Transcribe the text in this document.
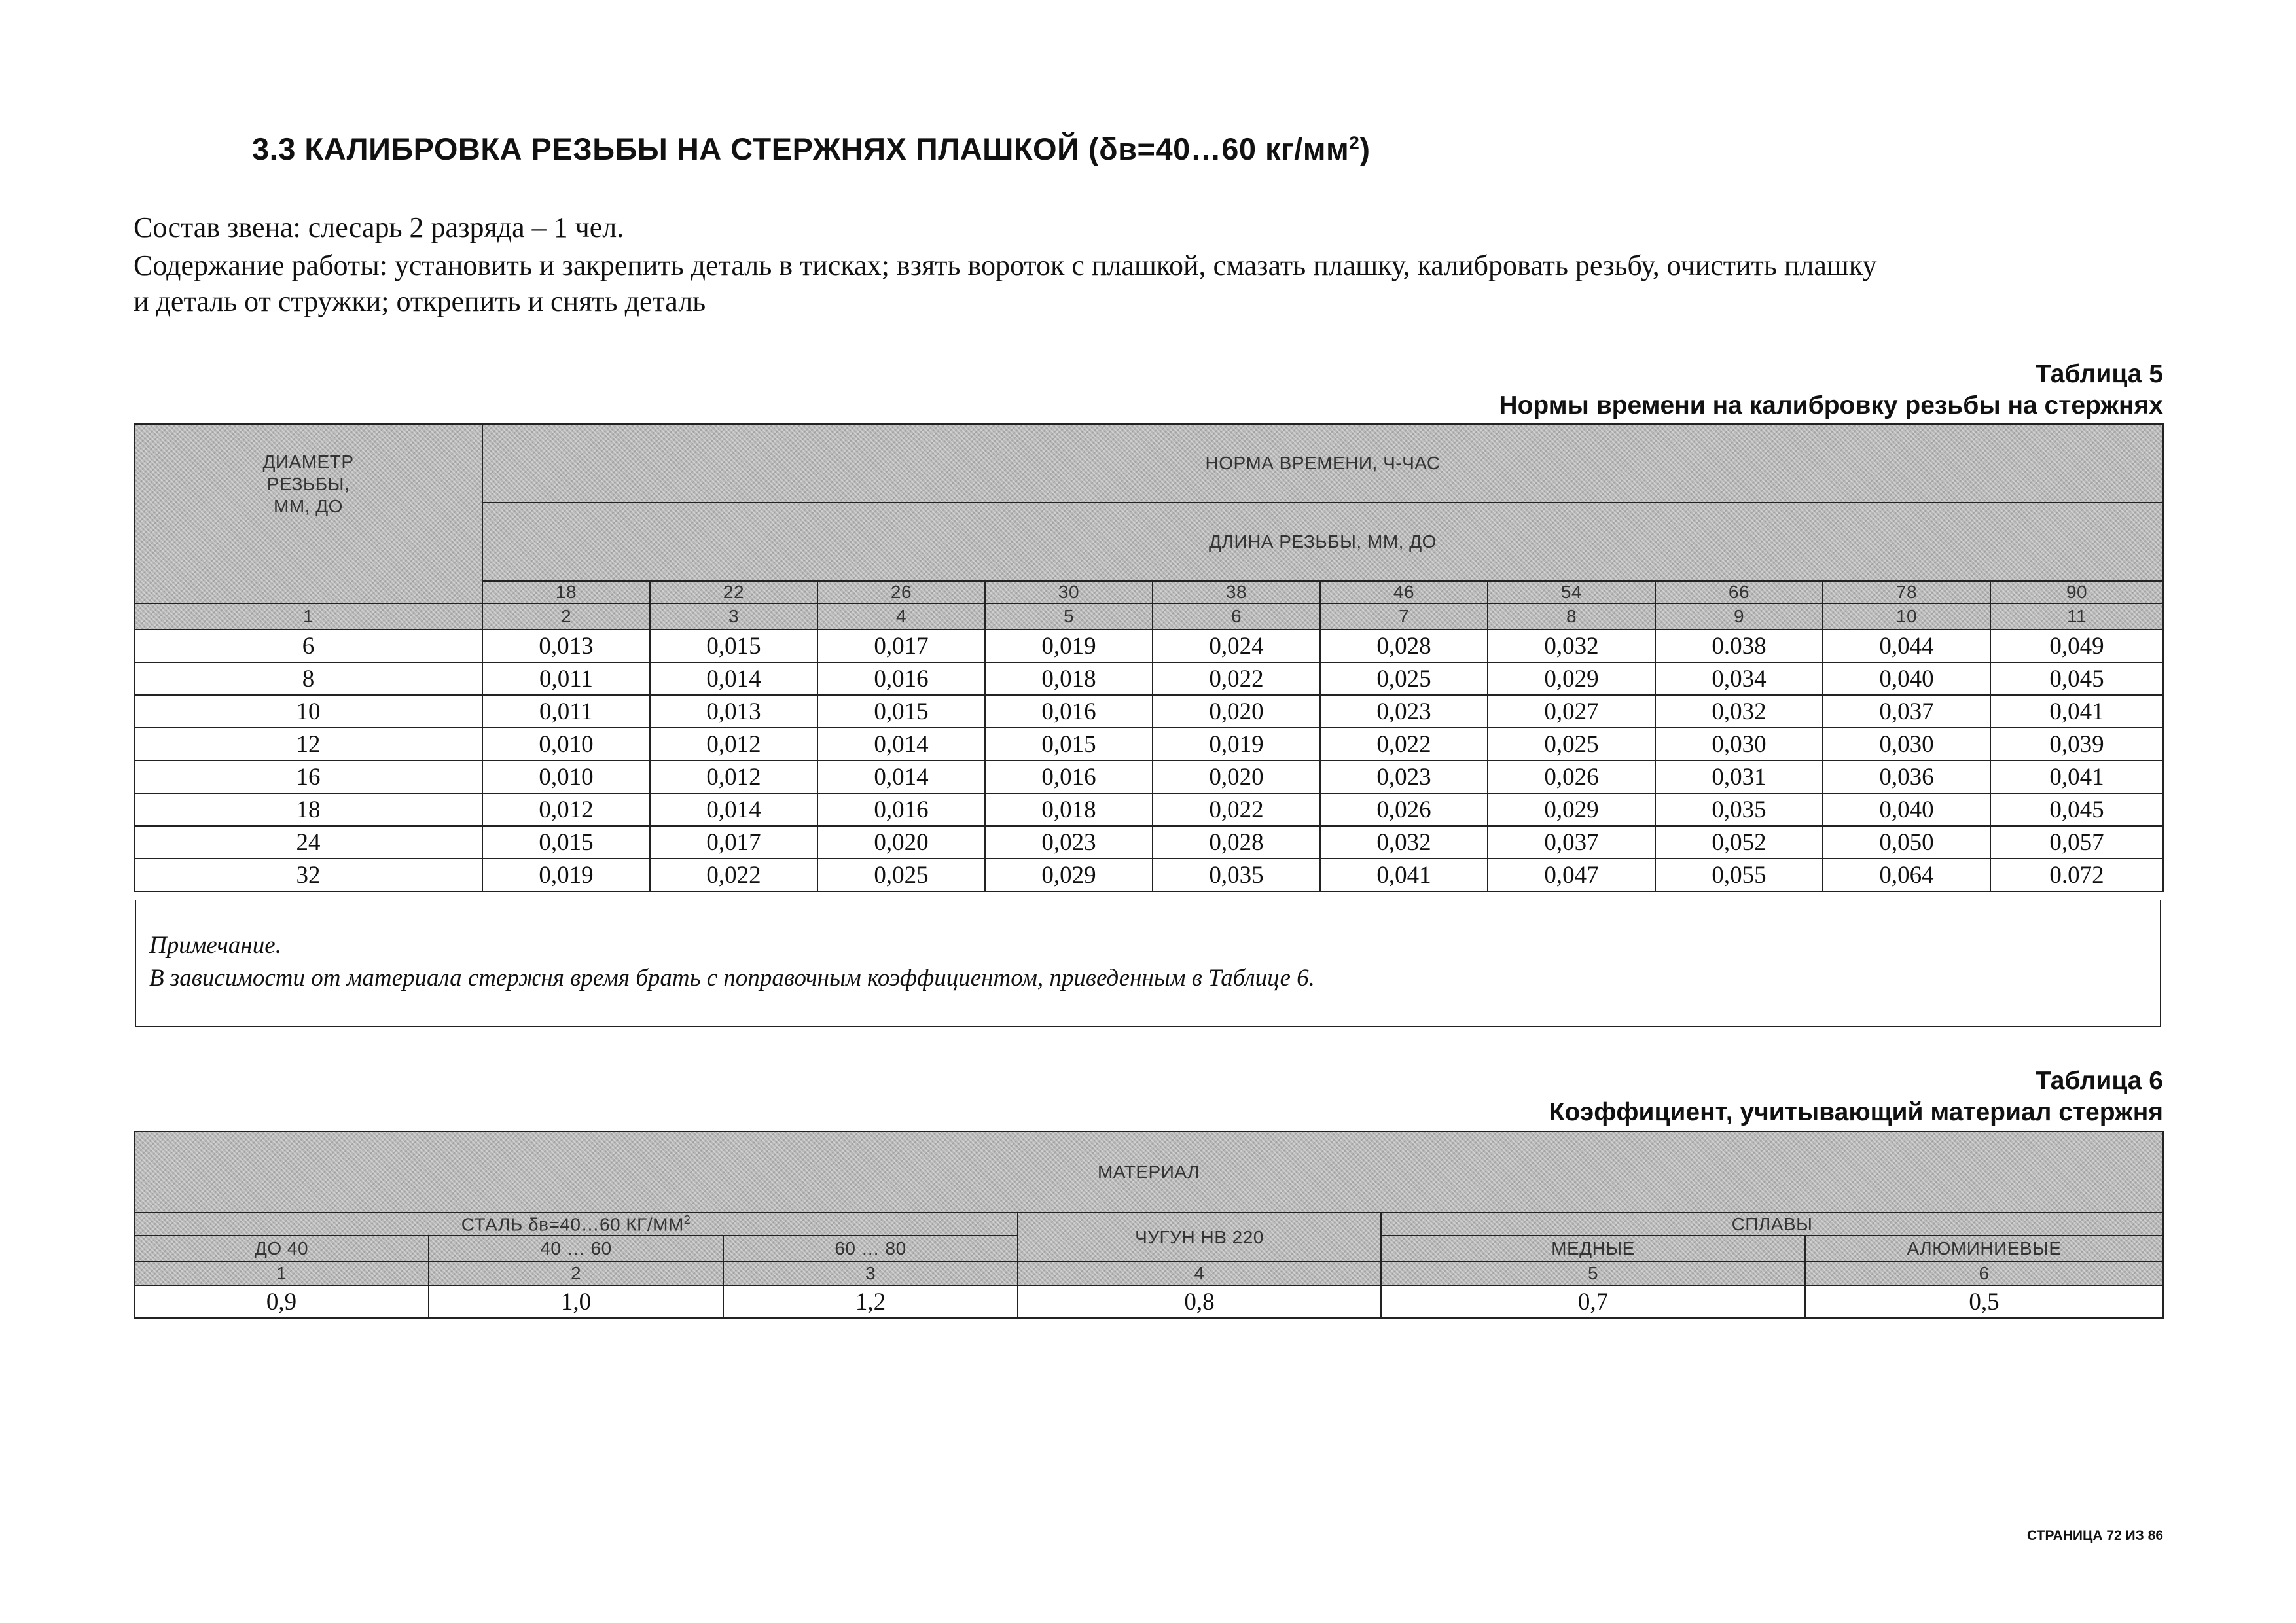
3.3 КАЛИБРОВКА РЕЗЬБЫ НА СТЕРЖНЯХ ПЛАШКОЙ (δв=40…60 $кг/мм^2$)
Состав звена: слесарь 2 разряда – 1 чел.
Содержание работы: установить и закрепить деталь в тисках; взять вороток с плашкой, смазать плашку, калибровать резьбу, очистить плашку
и деталь от стружки; открепить и снять деталь
Таблица 5
Нормы времени на калибровку резьбы на стержнях
ДИАМЕТР
РЕЗЬБЫ,
ММ, ДО	НОРМА ВРЕМЕНИ, Ч-ЧАС									
	ДЛИНА РЕЗЬБЫ, ММ, ДО									
	18	22	26	30	38	46	54	66	78	90
1	2	3	4	5	6	7	8	9	10	11
6	0,013	0,015	0,017	0,019	0,024	0,028	0,032	0.038	0,044	0,049
8	0,011	0,014	0,016	0,018	0,022	0,025	0,029	0,034	0,040	0,045
10	0,011	0,013	0,015	0,016	0,020	0,023	0,027	0,032	0,037	0,041
12	0,010	0,012	0,014	0,015	0,019	0,022	0,025	0,030	0,030	0,039
16	0,010	0,012	0,014	0,016	0,020	0,023	0,026	0,031	0,036	0,041
18	0,012	0,014	0,016	0,018	0,022	0,026	0,029	0,035	0,040	0,045
24	0,015	0,017	0,020	0,023	0,028	0,032	0,037	0,052	0,050	0,057
32	0,019	0,022	0,025	0,029	0,035	0,041	0,047	0,055	0,064	0.072
Примечание.
В зависимости от материала стержня время брать с поправочным коэффициентом, приведенным в Таблице 6.
Таблица 6
Коэффициент, учитывающий материал стержня
МАТЕРИАЛ					
СТАЛЬ δв=40…60 $КГ/ММ^2$			ЧУГУН НВ 220	СПЛАВЫ	
ДО 40	40 … 60	60 … 80		МЕДНЫЕ	АЛЮМИНИЕВЫЕ
1	2	3	4	5	6
0,9	1,0	1,2	0,8	0,7	0,5
СТРАНИЦА 72 ИЗ 86
